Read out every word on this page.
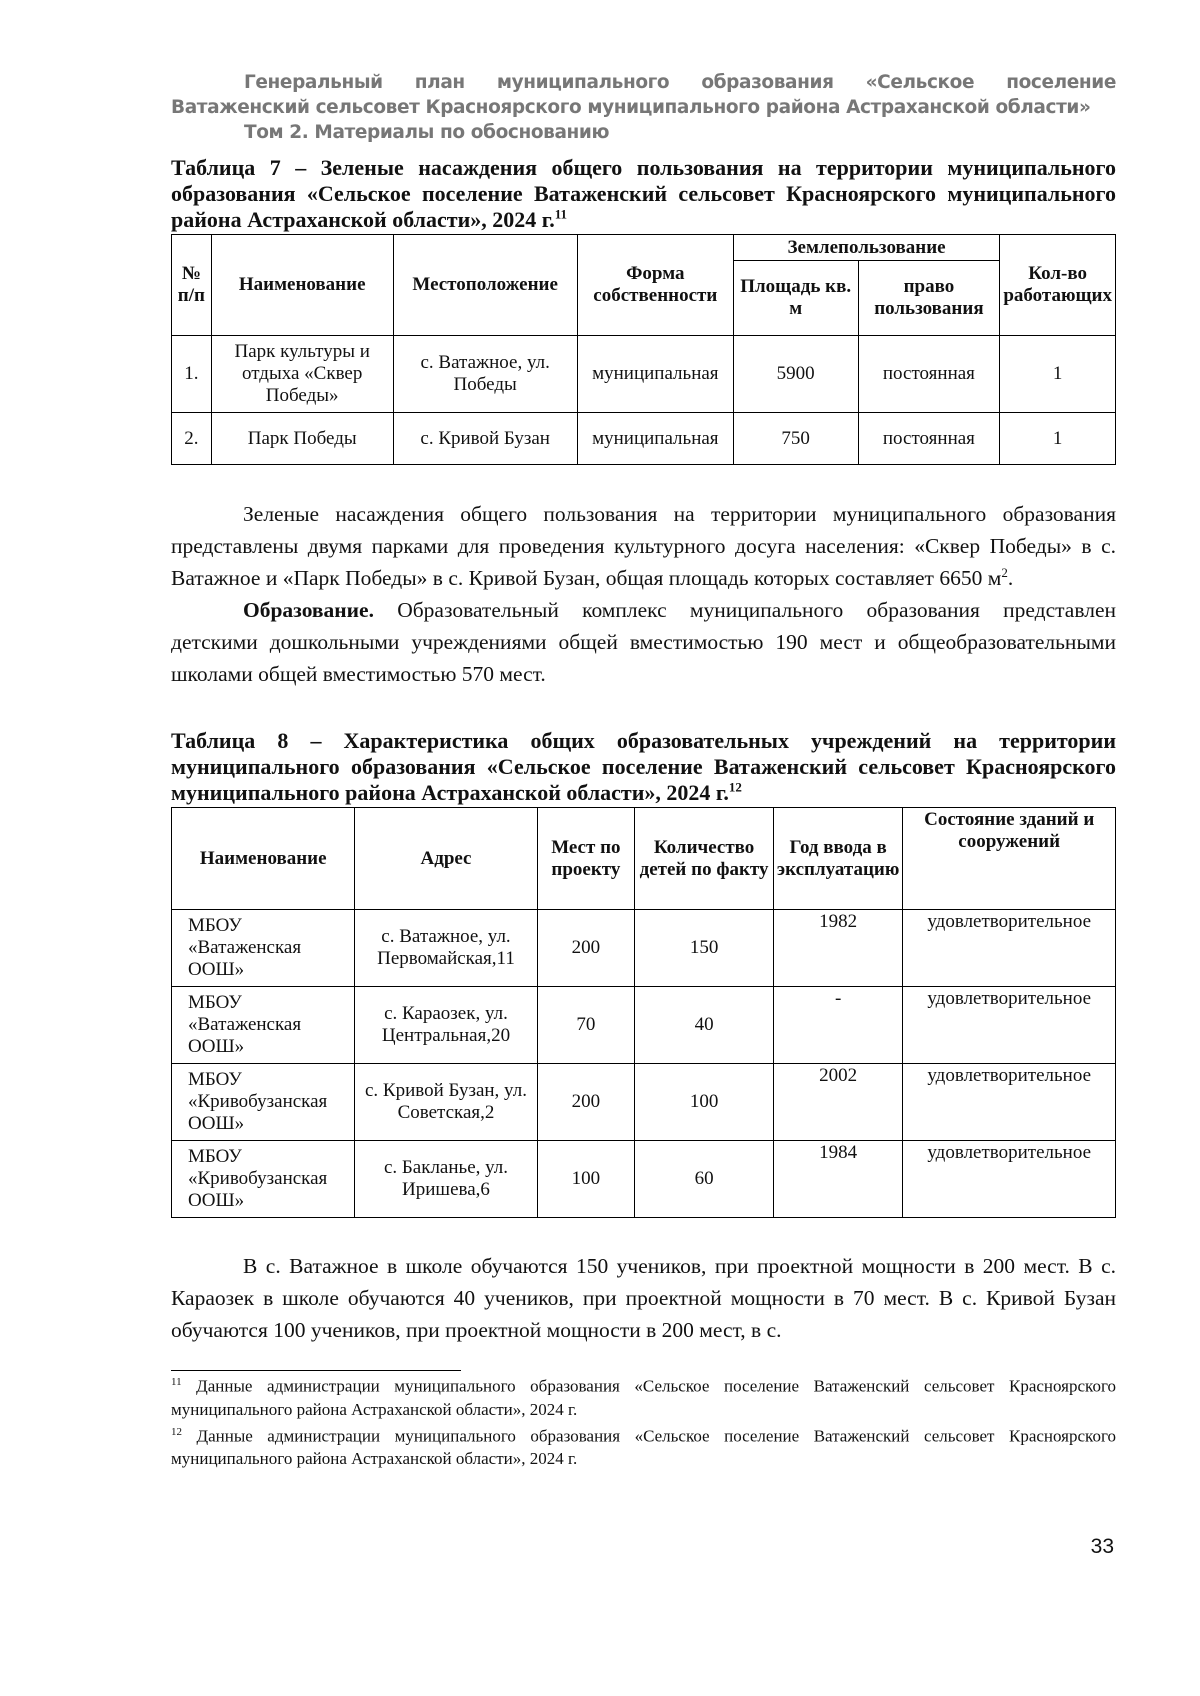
Генеральный план муниципального образования «Сельское поселение Ватаженский сельсовет Красноярского муниципального района Астраханской области»
Том 2. Материалы по обоснованию
Таблица 7 – Зеленые насаждения общего пользования на территории муниципального образования «Сельское поселение Ватаженский сельсовет Красноярского муниципального района Астраханской области», 2024 г.$^{11}$
№ п/п	Наименование	Местоположение	Форма собственности	Землепользование		Кол-во работающих
				Площадь кв. м	право пользования	
1.	Парк культуры и отдыха «Сквер Победы»	с. Ватажное, ул. Победы	муниципальная	5900	постоянная	1
2.	Парк Победы	с. Кривой Бузан	муниципальная	750	постоянная	1
Зеленые насаждения общего пользования на территории муниципального образования представлены двумя парками для проведения культурного досуга населения: «Сквер Победы» в с. Ватажное и «Парк Победы» в с. Кривой Бузан, общая площадь которых составляет 6650 $м^2$.
Образование. Образовательный комплекс муниципального образования представлен детскими дошкольными учреждениями общей вместимостью 190 мест и общеобразовательными школами общей вместимостью 570 мест.
Таблица 8 – Характеристика общих образовательных учреждений на территории муниципального образования «Сельское поселение Ватаженский сельсовет Красноярского муниципального района Астраханской области», 2024 г.$^{12}$
Наименование	Адрес	Мест по проекту	Количество детей по факту	Год ввода в эксплуатацию	Состояние зданий и сооружений
МБОУ «Ватаженская ООШ»	с. Ватажное, ул. Первомайская,11	200	150	1982	удовлетворительное
МБОУ «Ватаженская ООШ»	с. Караозек, ул. Центральная,20	70	40	-	удовлетворительное
МБОУ «Кривобузанская ООШ»	с. Кривой Бузан, ул. Советская,2	200	100	2002	удовлетворительное
МБОУ «Кривобузанская ООШ»	с. Бакланье, ул. Иришева,6	100	60	1984	удовлетворительное
В с. Ватажное в школе обучаются 150 учеников, при проектной мощности в 200 мест. В с. Караозек в школе обучаются 40 учеников, при проектной мощности в 70 мест. В с. Кривой Бузан обучаются 100 учеников, при проектной мощности в 200 мест, в с.
$^{11}$ Данные администрации муниципального образования «Сельское поселение Ватаженский сельсовет Красноярского муниципального района Астраханской области», 2024 г.
$^{12}$ Данные администрации муниципального образования «Сельское поселение Ватаженский сельсовет Красноярского муниципального района Астраханской области», 2024 г.
33
